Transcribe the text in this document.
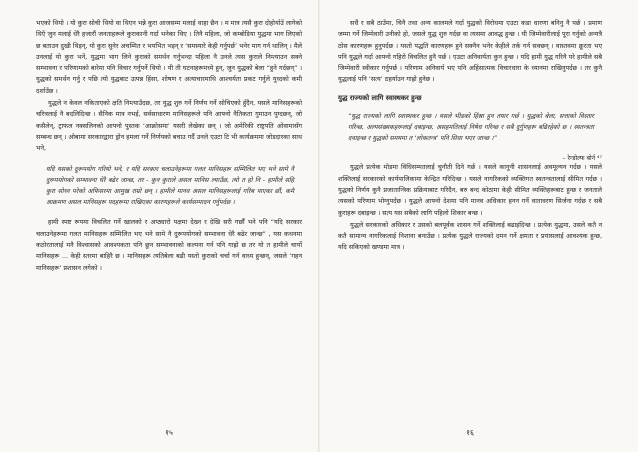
भएको थियो । यो कुरा सोची थियो वा थिएन भन्ने कुरा आजसम्म मलाई थाहा छैन । म मात्र त्यसै कुरा दोहोर्याउँ लागेको थिएँ जुन मलाई धेरै हजारौं जनताहरूले कुराकानी गर्दा भनेका थिए । तिनै महिला, जो कम्बोडिया युद्धमा भाग लिएको छ बताउन दुखी थिइन्, यो कुरा सुनेर अचम्मित र भयभित भइन् र ‘समस्यारे केही गर्नुपर्छ’ भनेर माग गर्न थालिन् । मैले उनलाई यो कुरा भनें, युद्धमा भाग लिने कुराको समर्थन गर्नुभन्दा पहिला नै उनले त्यस कुराले निम्त्याउन सक्ने सम्भावना र परिणामको बारेमा पनि विचार गर्नुपर्ने थियो । यी ती घटनाहरूमध्ये हुन्, जुन युद्धको बेला “हुने गर्दछन्” । युद्धको समर्थन गर्नु र पछि त्यो युद्धबाट उत्पन्न हिंसा, शोषण र अत्याचारमाथि आश्चर्यता प्रकट गर्नुले युध्दको कमी दर्शाउँछ ।

युद्धले न केवल नकिताएको क्षति निम्त्याउँदछ, तर युद्ध शुरु गर्ने निर्णय गर्ने सोचिएको हुँदैन, यसले मानिसहरूको चरित्रलाई नै बदलिदिन्छ । सैनिक मात्र नभई, सर्वसाधारण मानिसहरूले पनि आफ्नो नैतिकता गुमाउन पुग्दछन्, जो कसैलेन्, ट्राफल नक्सलिनको आफ्नो पुस्तक ‘आक्रोसमा’ यसरी लेखेका छन् । जो अमेरिकी राष्ट्रपति ओवामासँग सम्बन्ध छन् । ओबामा सरकारद्वारा ड्रोन हमला गर्ने निर्णयको बचाउ गर्दै उनले एउटा टि भी कार्यक्रममा जोडदारका साथ भने,

यदि यसको दुरूपयोग गरियो भने, र यदि सरकार चलाउनेहरूमा गलत मानिसहरू सम्मिलित भए भने सामे नै दुरूपयोगको सम्भावना धेरै बढेर जान्छ, तर - कुन कुराले असल मानिस ल्याउँछ, त्यो त हो नि - हामीले सहि कुरा सोध्न परेको अफिसरमा आमुख राम्रो छन् । हामीले मानव असल मानिसहरूलाई गरिब पाएका छौं, कमै आक्रमण असल मानिसहरू पदहरूमा राखिएका कारणहरूले कार्यसम्पादन गर्नुपर्दछ ।

हामी स्पष्ट रूपमा विचलित गर्ने खालको र अप्ठ्यारो पक्षमा देख्न र देखि सरी गर्छौं भने पनि “यदि सरकार चलाउनेहरूमा गलत मानिसहरू सम्मिलित भए भने सामे नै दुरूपयोगको सम्भावना धेरै बढेर जान्छ” , यस कथनमा कठोरतालाई मनै विश्वासको आवश्यकता पनि छुन सम्भावनाको कल्पना गर्न पनि गाह्रो छ तर यो त हामीले चार्यो मानिसहरू ... केही स्तरमा बाहिरै छ । मानिसहरू त्यतिबेला बढी यस्तो कुराको चर्चा गर्न वाध्य हुन्छन्, जसले ‘गहन मानिसहरू’ प्रशासन लगेको ।

१५

सधैं र सबै ठाउँमा, चिनै तथा अन्य कालमले गर्दा युद्धको विरोधमा एउटा कडा धारणा बनिनु नै पर्छ । प्रमाण जम्मा गर्ने जिम्मेवारी उनीको हो, जसले युद्ध शुरु गर्दछ वा त्यसमा आवद्ध हुन्छ । यी जिम्मेवारीलाई पूरा गर्नुको अन्यत्रै ठोस कारणहरू हुनुपर्दछ । यस्तो पद्धति कारणहरू हुने सक्नैन भनेर केहीले तर्क गर्न सक्छन् । वास्तवमा क्रूरता भए पनि युद्धले गर्दा आफ्नो गहिरो विचलित हुनै पर्छ । एउटा अनिवार्यता कुन हुन्छ । यदि हामी युद्ध गरिनै परे हामीले सबै जिम्मेवारी स्वीकार गर्नुपर्छ । परिणाम अनिवार्य भए पनि अहिंसात्मक विचारधारा के ध्यानमा राखिनुपर्दछ । तर कुनै युद्धलाई पनि ‘सत्य’ ठहर्याउन गाह्रो हुनेछ ।

युद्ध राज्यको लागि स्वास्थकर हुन्छ

“युद्ध राज्यको लागि स्वास्थकर हुन्छ । यसले भीडको हिंस्रा हुन तयार गर्छ । युद्धको बेला, सत्ताको विस्तार गरिन्छ, अल्पसंख्यकहरूलाई दबाइन्छ, असहमतिलाई निषेध गरिन्छ र सबै दुर्गुणहरू बढिरहेको छ । स्वतन्त्रता दवाइन्छ र युद्धको समयमा त ‘लोकतन्त्र’ पनि सिधा भएर जान्छ ।”

– रेन्डोल्फ बोर्न ⁴⁷

युद्धले प्रत्येक मोडमा विधिसम्मतलाई चुनौती दिने गर्छ । यसले कानुनी शासनलाई अवमूल्यन गर्दछ । यसले शक्तिलाई सरकारको कार्यपालिकामा केन्द्रित गरिदिन्छ । यसले नागरिकको व्यक्तिगत स्वतन्त्रतालाई सीमित गर्दछ । युद्धको निर्णय कुनै प्रजातान्त्रिक प्रक्रियाबाट गरिदैन, बरु बन्द कोठामा केही सीमित व्यक्तिहरूबाट हुन्छ र जनताले त्यसको परिणाम भोग्नुपर्दछ । युद्धले आफ्नो देशमा पनि मानव अधिकार हनन गर्ने वातावरण सिर्जना गर्दछ र सबै कुराहरू दबाइन्छ । सत्य यस सबैको लागि पहिलो शिकार बन्छ ।

युद्धले सरकारको अधिकार र उसको बलपूर्वक शासन गर्ने शक्तिलाई बढाइदिन्छ । प्रत्येक युद्धमा, उसले कतै न कतै सामान्य नागरिकलाई निशाना बनाउँछ । प्रत्येक युद्धले राज्यको दमन गर्ने क्षमता र प्रयासलाई आवश्यक हुन्छ, यदि सकिएको खण्डमा मात्र ।

१६
